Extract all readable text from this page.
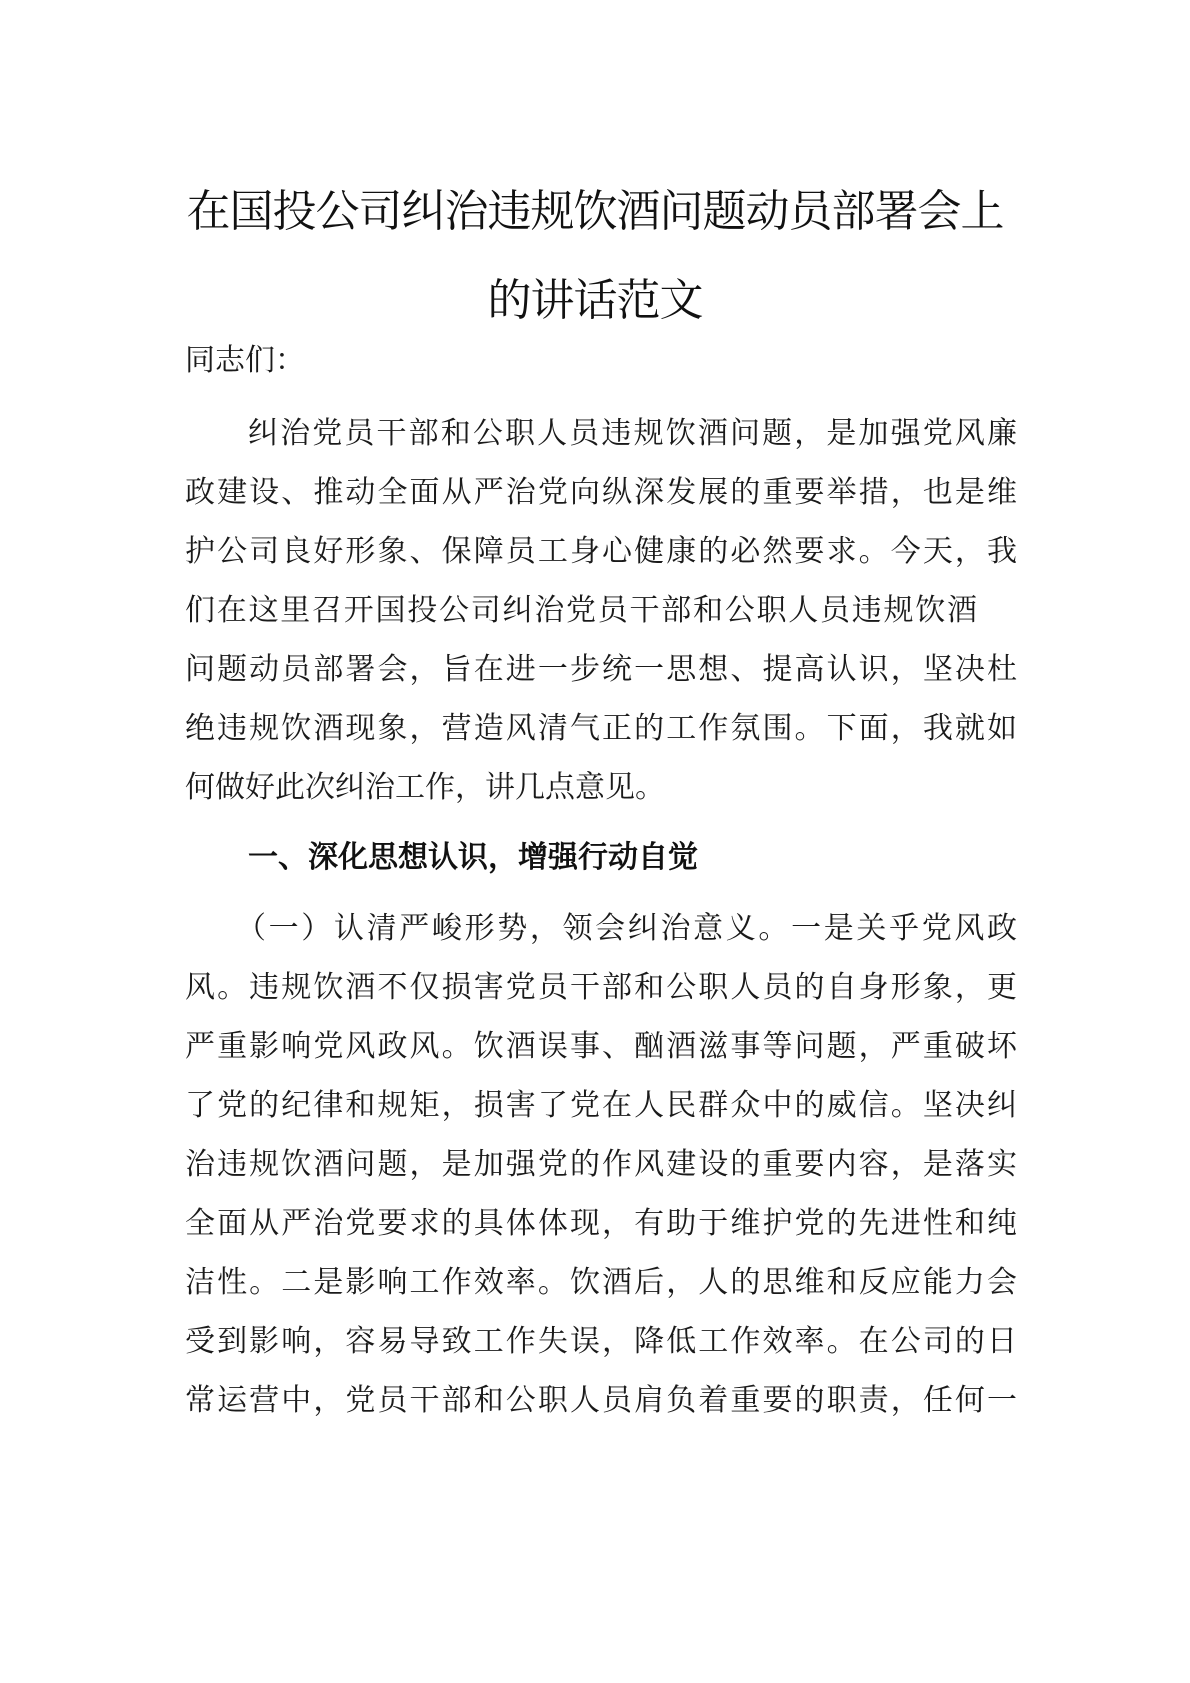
在国投公司纠治违规饮酒问题动员部署会上
的讲话范文
同志们：
纠治党员干部和公职人员违规饮酒问题，是加强党风廉
政建设、推动全面从严治党向纵深发展的重要举措，也是维
护公司良好形象、保障员工身心健康的必然要求。今天，我
们在这里召开国投公司纠治党员干部和公职人员违规饮酒
问题动员部署会，旨在进一步统一思想、提高认识，坚决杜
绝违规饮酒现象，营造风清气正的工作氛围。下面，我就如
何做好此次纠治工作，讲几点意见。
一、深化思想认识，增强行动自觉
（一）认清严峻形势，领会纠治意义。一是关乎党风政
风。违规饮酒不仅损害党员干部和公职人员的自身形象，更
严重影响党风政风。饮酒误事、酗酒滋事等问题，严重破坏
了党的纪律和规矩，损害了党在人民群众中的威信。坚决纠
治违规饮酒问题，是加强党的作风建设的重要内容，是落实
全面从严治党要求的具体体现，有助于维护党的先进性和纯
洁性。二是影响工作效率。饮酒后，人的思维和反应能力会
受到影响，容易导致工作失误，降低工作效率。在公司的日
常运营中，党员干部和公职人员肩负着重要的职责，任何一
